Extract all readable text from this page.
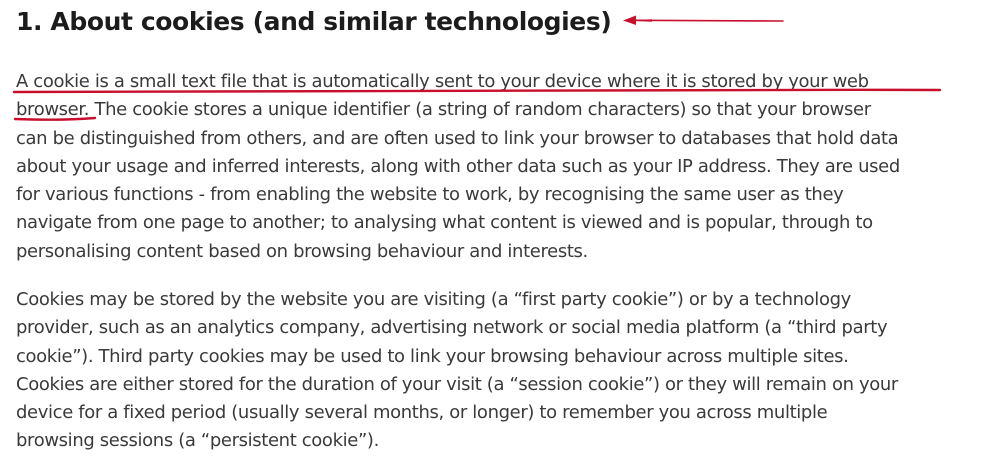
1. About cookies (and similar technologies)

A cookie is a small text file that is automatically sent to your device where it is stored by your web browser. The cookie stores a unique identifier (a string of random characters) so that your browser can be distinguished from others, and are often used to link your browser to databases that hold data about your usage and inferred interests, along with other data such as your IP address. They are used for various functions - from enabling the website to work, by recognising the same user as they navigate from one page to another; to analysing what content is viewed and is popular, through to personalising content based on browsing behaviour and interests.

Cookies may be stored by the website you are visiting (a “first party cookie”) or by a technology provider, such as an analytics company, advertising network or social media platform (a “third party cookie”). Third party cookies may be used to link your browsing behaviour across multiple sites. Cookies are either stored for the duration of your visit (a “session cookie”) or they will remain on your device for a fixed period (usually several months, or longer) to remember you across multiple browsing sessions (a “persistent cookie”).
